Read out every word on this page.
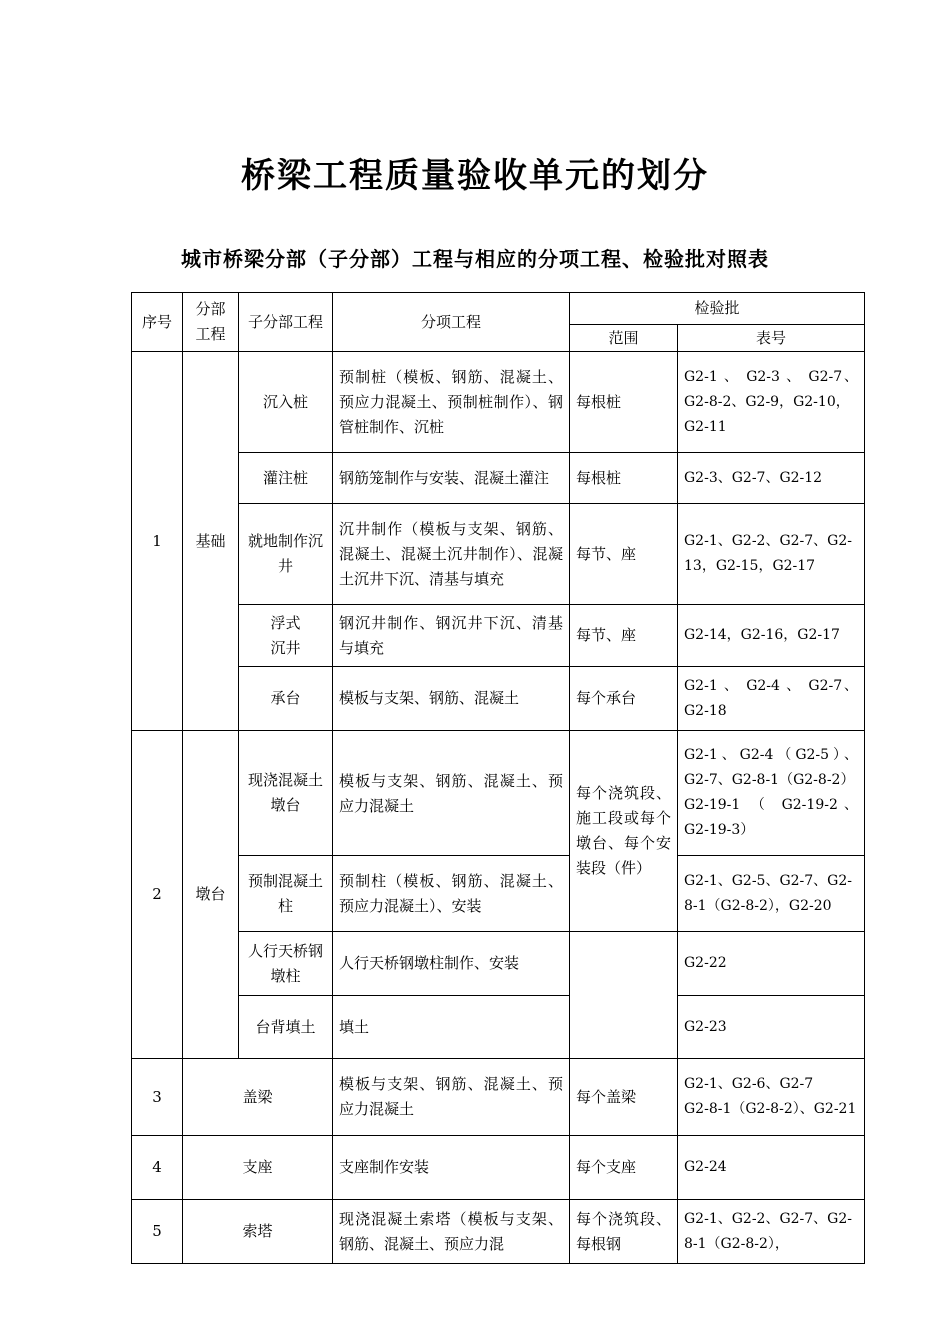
桥梁工程质量验收单元的划分
城市桥梁分部（子分部）工程与相应的分项工程、检验批对照表
序号	分部工程	子分部工程	分项工程	检验批	
				范围	表号
1	基础	沉入桩	预制桩（模板、钢筋、混凝土、预应力混凝土、预制桩制作）、钢管桩制作、沉桩	每根桩	G2-1 、 G2-3 、 G2-7、G2-8-2、G2-9，G2-10，
G2-11
		灌注桩	钢筋笼制作与安装、混凝土灌注	每根桩	G2-3、G2-7、G2-12
		就地制作沉井	沉井制作（模板与支架、钢筋、混凝土、混凝土沉井制作）、混凝土沉井下沉、清基与填充	每节、座	G2-1、G2-2、G2-7、G2-13，G2-15，G2-17
		浮式
沉井	钢沉井制作、钢沉井下沉、清基与填充	每节、座	G2-14，G2-16，G2-17
		承台	模板与支架、钢筋、混凝土	每个承台	G2-1 、 G2-4 、 G2-7、G2-18
2	墩台	现浇混凝土墩台	模板与支架、钢筋、混凝土、预应力混凝土	每个浇筑段、施工段或每个墩台、每个安装段（件）	G2-1、G2-4（G2-5）、G2-7、G2-8-1（G2-8-2）
G2-19-1 （ G2-19-2、G2-19-3）
		预制混凝土柱	预制柱（模板、钢筋、混凝土、预应力混凝土）、安装		G2-1、G2-5、G2-7、G2-8-1（G2-8-2），G2-20
		人行天桥钢墩柱	人行天桥钢墩柱制作、安装		G2-22
		台背填土	填土		G2-23
3	盖梁		模板与支架、钢筋、混凝土、预应力混凝土	每个盖梁	G2-1、G2-6、G2-7
G2-8-1（G2-8-2）、G2-21
4	支座		支座制作安装	每个支座	G2-24
5	索塔		现浇混凝土索塔（模板与支架、钢筋、混凝土、预应力混	每个浇筑段、每根钢	G2-1、G2-2、G2-7、G2-8-1（G2-8-2），
